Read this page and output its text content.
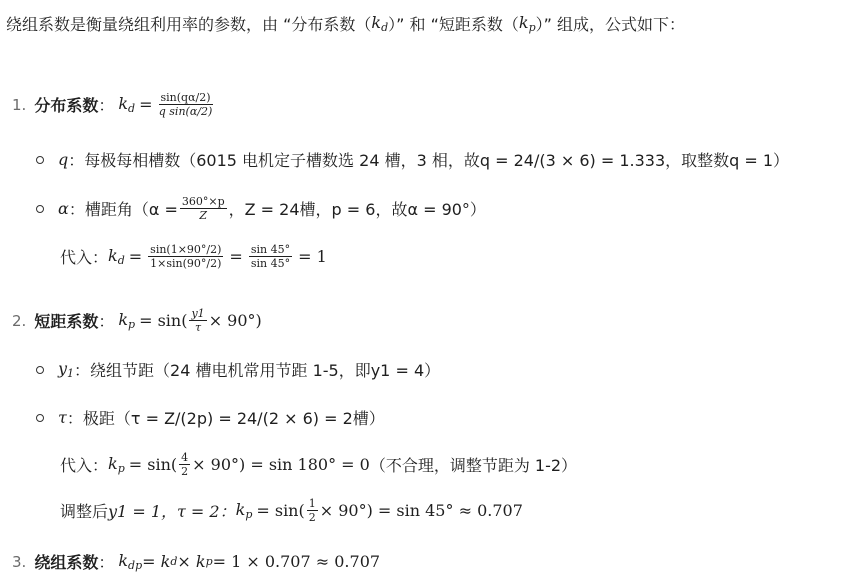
绕组系数是衡量绕组利用率的参数，由 “分布系数（ $k_d$ ）” 和 “短距系数（ $k_p$ ）” 组成，公式如下：
1. 分布系数 ： $k_d = \frac{\sin(q\alpha/2)}{\text{q sin(α/2)}}$
q ：每极每相槽数（6015 电机定子槽数选 24 槽，3 相，故q = 24/(3 × 6) = 1.333，取整数q = 1）
α ：槽距角（$\alpha = \frac{360^\circ\times p}{Z}$ ，Z = 24槽，p = 6，故α = 90°）
代入： $k_d = \frac{\sin(1\times 90^\circ/2)}{1\times\sin(90^\circ/2)} = \frac{\sin 45^\circ}{\sin 45^\circ} = 1$
2. 短距系数 ： $k_p = \sin( \frac{y1}{\tau} \times 90^\circ)$
$y_1$ ：绕组节距（24 槽电机常用节距 1-5，即y1 = 4）
τ ：极距（τ = Z/(2p) = 24/(2 × 6) = 2槽）
代入： $k_p = \sin( \frac{4}{2} \times 90^\circ) = \sin 180^\circ = 0$ （不合理，调整节距为 1-2）
调整后 y1 = 1，τ = 2： $k_p = \sin( \frac{1}{2} \times 90^\circ) = \sin 45^\circ \approx 0.707$
3. 绕组系数 ： $k_{dp} = k$ d × k p = 1 × 0.707 ≈ 0.707
